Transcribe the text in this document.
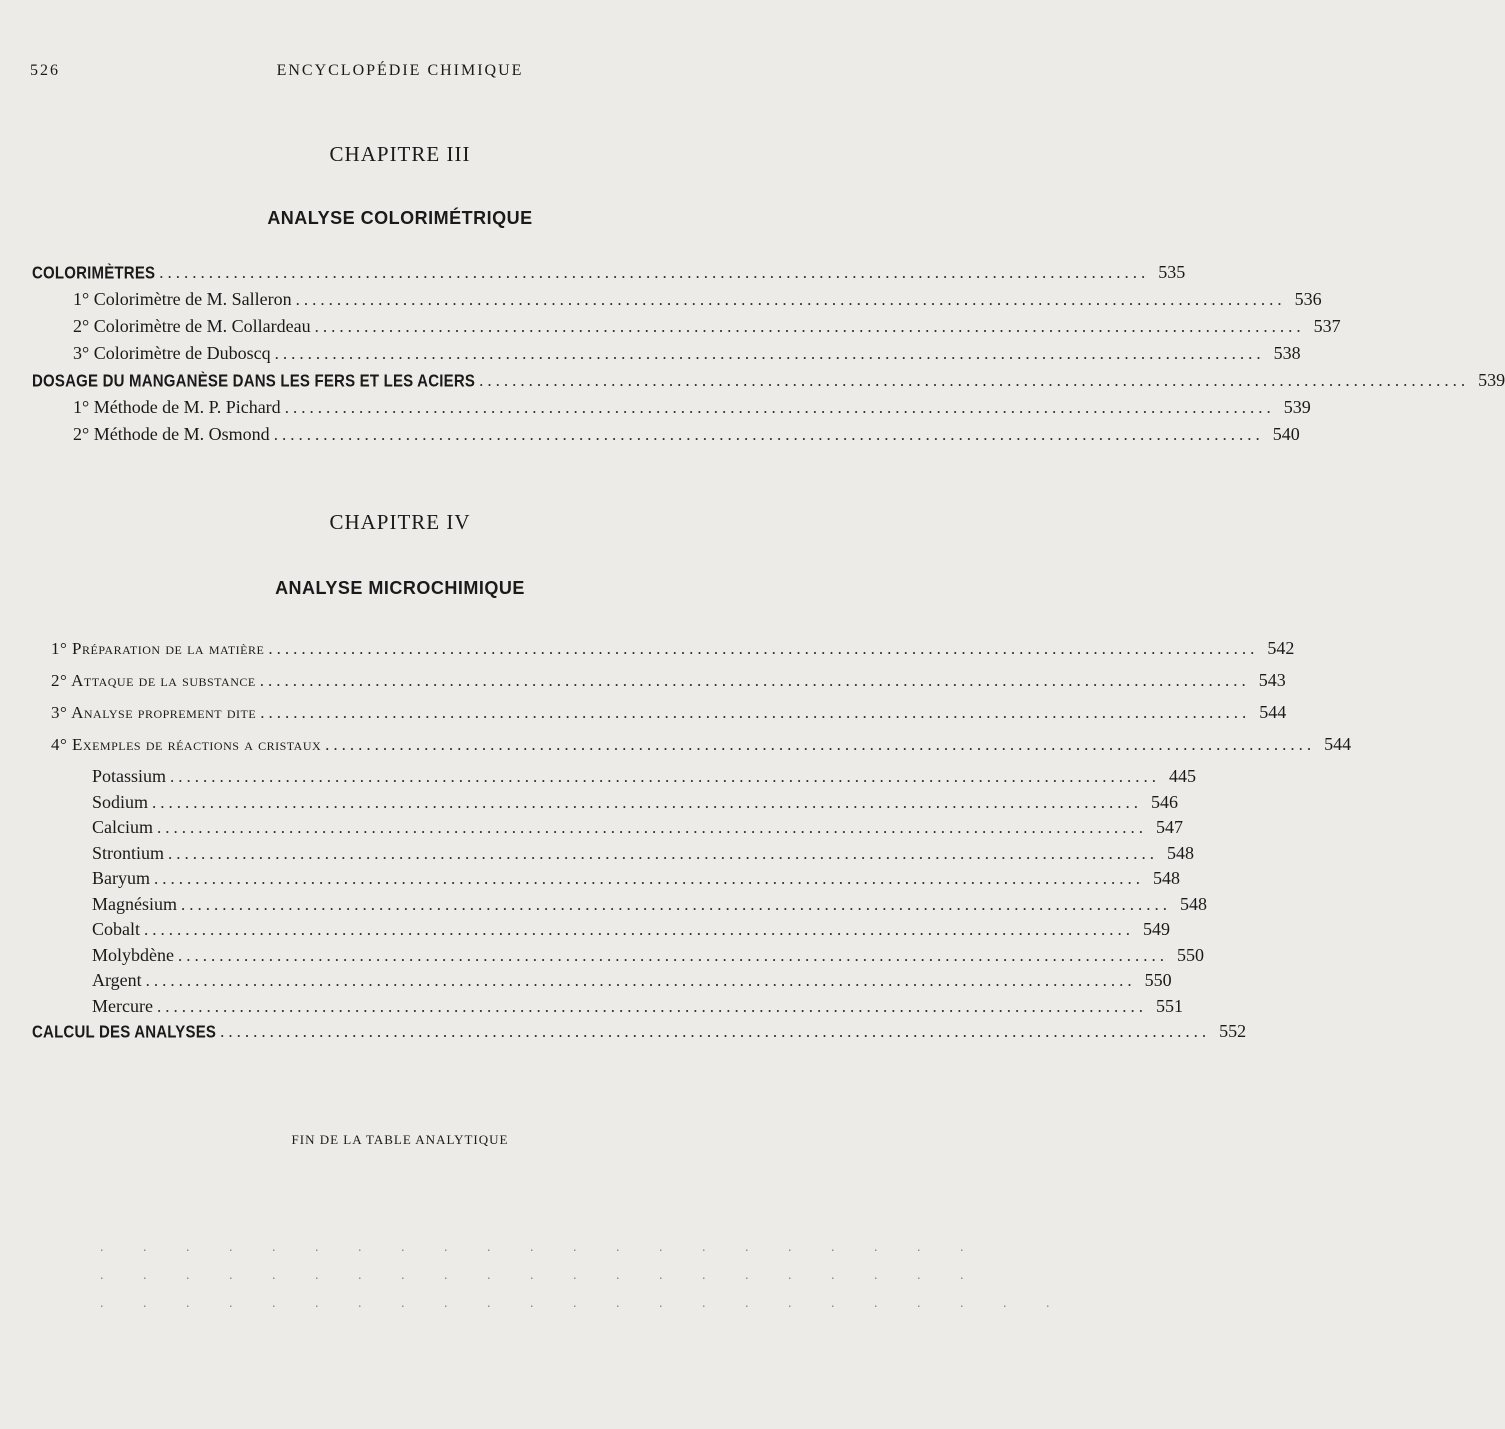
526	ENCYCLOPÉDIE CHIMIQUE
CHAPITRE III
ANALYSE COLORIMÉTRIQUE
COLORIMÈTRES ........................................................................................................................ 535
1° Colorimètre de M. Salleron ........................................................................................................................ 536
2° Colorimètre de M. Collardeau ........................................................................................................................ 537
3° Colorimètre de Duboscq ........................................................................................................................ 538
DOSAGE DU MANGANÈSE DANS LES FERS ET LES ACIERS ........................................................................................................................ 539
1° Méthode de M. P. Pichard ........................................................................................................................ 539
2° Méthode de M. Osmond ........................................................................................................................ 540
CHAPITRE IV
ANALYSE MICROCHIMIQUE
1° Préparation de la matière ........................................................................................................................ 542
2° Attaque de la substance ........................................................................................................................ 543
3° Analyse proprement dite ........................................................................................................................ 544
4° Exemples de réactions a cristaux ........................................................................................................................ 544
Potassium ........................................................................................................................ 445
Sodium ........................................................................................................................ 546
Calcium ........................................................................................................................ 547
Strontium ........................................................................................................................ 548
Baryum ........................................................................................................................ 548
Magnésium ........................................................................................................................ 548
Cobalt ........................................................................................................................ 549
Molybdène ........................................................................................................................ 550
Argent ........................................................................................................................ 550
Mercure ........................................................................................................................ 551
CALCUL DES ANALYSES ........................................................................................................................ 552
FIN DE LA TABLE ANALYTIQUE
. . . . . . . . . . . . . . . . . . . . .
. . . . . . . . . . . . . . . . . . . . .
. . . . . . . . . . . . . . . . . . . . . . .
